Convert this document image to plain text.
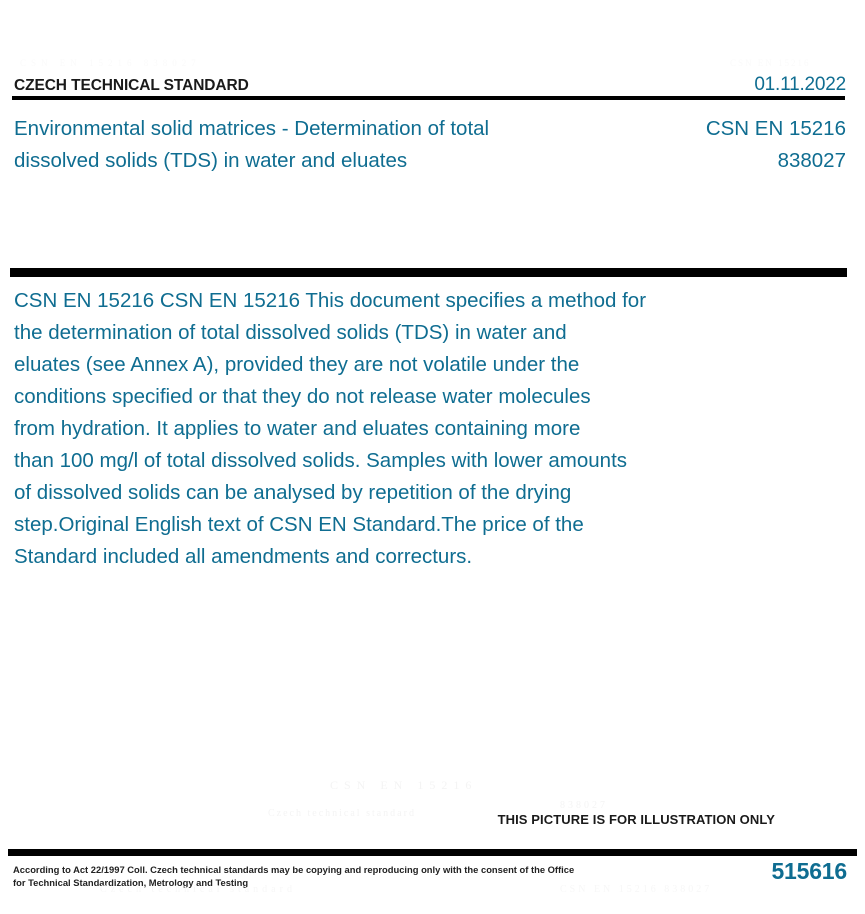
CSN EN 15216 838027	CSN EN 15216
CZECH TECHNICAL STANDARD	01.11.2022
Environmental solid matrices - Determination of total
dissolved solids (TDS) in water and eluates
CSN EN 15216
838027
CSN EN 15216 CSN EN 15216 This document specifies a method for
the determination of total dissolved solids (TDS) in water and
eluates (see Annex A), provided they are not volatile under the
conditions specified or that they do not release water molecules
from hydration. It applies to water and eluates containing more
than 100 mg/l of total dissolved solids. Samples with lower amounts
of dissolved solids can be analysed by repetition of the drying
step.Original English text of CSN EN Standard.The price of the
Standard included all amendments and correcturs.
CSN EN 15216
Czech technical standard
838027
THIS PICTURE IS FOR ILLUSTRATION ONLY
According to Act 22/1997 Coll. Czech technical standards may be copying and reproducing only with the consent of the Office
for Technical Standardization, Metrology and Testing	515616
Czech technical standard	CSN EN 15216 838027
